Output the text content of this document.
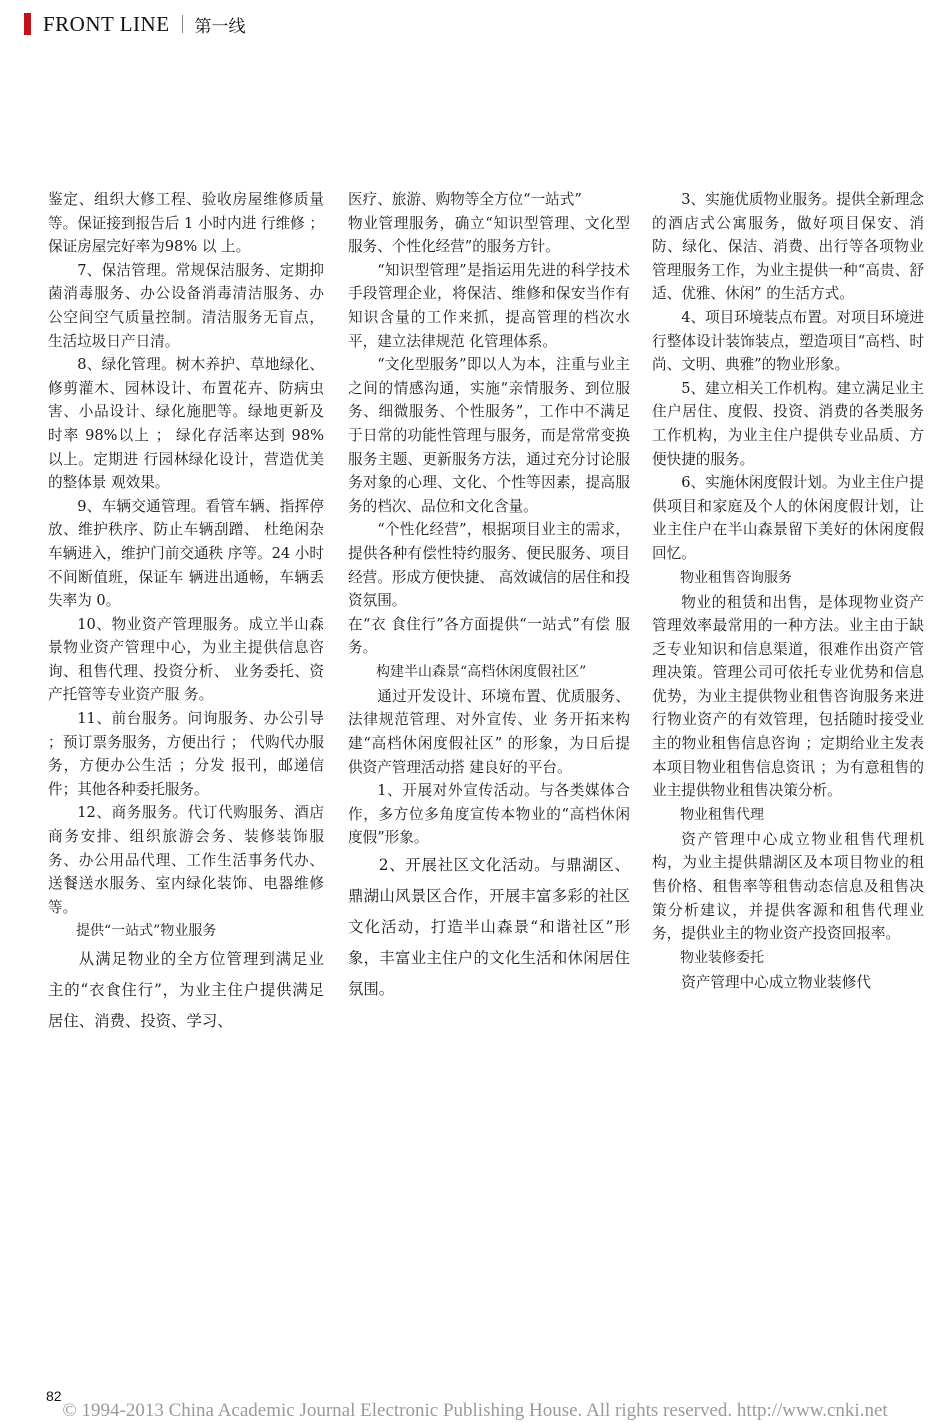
FRONT LINE 第一线

鉴定、组织大修工程、验收房屋维修质量等。保证接到报告后 1 小时内进 行维修 ；保证房屋完好率为98% 以 上。

7、保洁管理。常规保洁服务、定期抑菌消毒服务、办公设备消毒清洁服务、办公空间空气质量控制。清洁服务无盲点，生活垃圾日产日清。

8、绿化管理。树木养护、草地绿化、修剪灌木、园林设计、布置花卉、防病虫害、小品设计、绿化施肥等。绿地更新及时率 98%以上 ； 绿化存活率达到 98% 以上。定期进 行园林绿化设计，营造优美的整体景 观效果。

9、车辆交通管理。看管车辆、指挥停放、维护秩序、防止车辆刮蹭、 杜绝闲杂车辆进入，维护门前交通秩 序等。24 小时不间断值班，保证车 辆进出通畅，车辆丢失率为 0。

10、物业资产管理服务。成立半山森景物业资产管理中心，为业主提供信息咨询、租售代理、投资分析、 业务委托、资产托管等专业资产服 务。

11、前台服务。问询服务、办公引导 ；预订票务服务，方便出行 ； 代购代办服务，方便办公生活 ；分发 报刊，邮递信件；其他各种委托服务。

12、商务服务。代订代购服务、酒店商务安排、组织旅游会务、装修装饰服务、办公用品代理、工作生活事务代办、送餐送水服务、室内绿化装饰、电器维修等。

提供“一站式”物业服务

从满足物业的全方位管理到满足业主的“衣食住行”，为业主住户提供满足居住、消费、投资、学习、

医疗、旅游、购物等全方位“一站式”

物业管理服务，确立“知识型管理、文化型服务、个性化经营”的服务方针。

“知识型管理”是指运用先进的科学技术手段管理企业，将保洁、维修和保安当作有知识含量的工作来抓，提高管理的档次水平，建立法律规范 化管理体系。

“文化型服务”即以人为本，注重与业主之间的情感沟通，实施“亲情服务、到位服务、细微服务、个性服务”，工作中不满足于日常的功能性管理与服务，而是常常变换服务主题、更新服务方法，通过充分讨论服务对象的心理、文化、个性等因素，提高服务的档次、品位和文化含量。

“个性化经营”，根据项目业主的需求，提供各种有偿性特约服务、便民服务、项目经营。形成方便快捷、 高效诚信的居住和投资氛围。

在“衣 食住行”各方面提供“一站式”有偿 服务。

构建半山森景“高档休闲度假社区”

通过开发设计、环境布置、优质服务、法律规范管理、对外宣传、业 务开拓来构建“高档休闲度假社区” 的形象，为日后提供资产管理活动搭 建良好的平台。

1、开展对外宣传活动。与各类媒体合作，多方位多角度宣传本物业的“高档休闲度假”形象。

2、开展社区文化活动。与鼎湖区、鼎湖山风景区合作，开展丰富多彩的社区文化活动，打造半山森景“和谐社区”形象，丰富业主住户的文化生活和休闲居住氛围。

3、实施优质物业服务。提供全新理念的酒店式公寓服务，做好项目保安、消防、绿化、保洁、消费、出行等各项物业管理服务工作，为业主提供一种“高贵、舒适、优雅、休闲” 的生活方式。

4、项目环境装点布置。对项目环境进行整体设计装饰装点，塑造项目“高档、时尚、文明、典雅”的物业形象。

5、建立相关工作机构。建立满足业主住户居住、度假、投资、消费的各类服务工作机构，为业主住户提供专业品质、方便快捷的服务。

6、实施休闲度假计划。为业主住户提供项目和家庭及个人的休闲度假计划，让业主住户在半山森景留下美好的休闲度假回忆。

物业租售咨询服务

物业的租赁和出售，是体现物业资产管理效率最常用的一种方法。业主由于缺乏专业知识和信息渠道，很难作出资产管理决策。管理公司可依托专业优势和信息优势，为业主提供物业租售咨询服务来进行物业资产的有效管理，包括随时接受业主的物业租售信息咨询 ；定期给业主发表本项目物业租售信息资讯 ；为有意租售的业主提供物业租售决策分析。

物业租售代理

资产管理中心成立物业租售代理机构，为业主提供鼎湖区及本项目物业的租售价格、租售率等租售动态信息及租售决策分析建议，并提供客源和租售代理业务，提供业主的物业资产投资回报率。

物业装修委托

资产管理中心成立物业装修代

82
© 1994-2013 China Academic Journal Electronic Publishing House. All rights reserved. http://www.cnki.net
